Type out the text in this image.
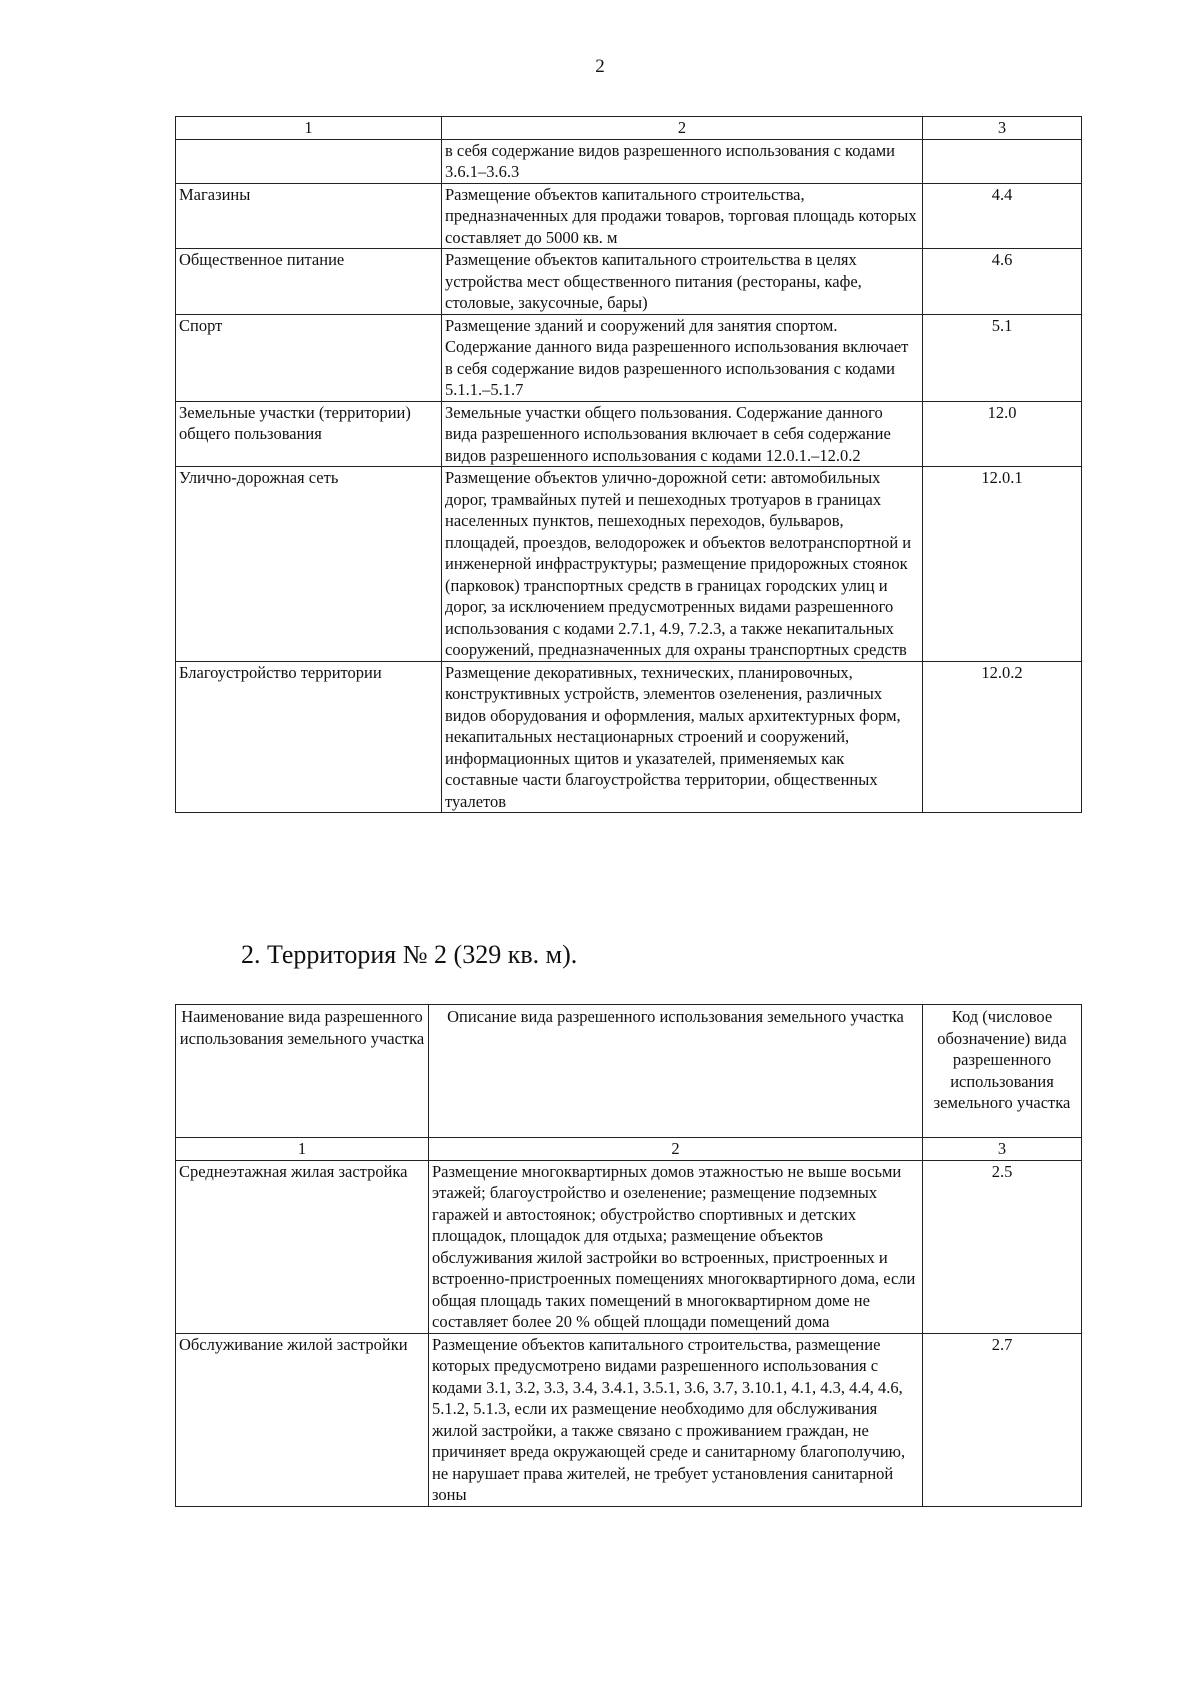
2
1	2	3
	в себя содержание видов разрешенного использования с кодами 3.6.1–3.6.3	
Магазины	Размещение объектов капитального строительства, предназначенных для продажи товаров, торговая площадь которых составляет до 5000 кв. м	4.4
Общественное питание	Размещение объектов капитального строительства в целях устройства мест общественного питания (рестораны, кафе, столовые, закусочные, бары)	4.6
Спорт	Размещение зданий и сооружений для занятия спортом. Содержание данного вида разрешенного использования включает в себя содержание видов разрешенного использования с кодами 5.1.1.–5.1.7	5.1
Земельные участки (территории) общего пользования	Земельные участки общего пользования. Содержание данного вида разрешенного использования включает в себя содержание видов разрешенного использования с кодами 12.0.1.–12.0.2	12.0
Улично-дорожная сеть	Размещение объектов улично-дорожной сети: автомобильных дорог, трамвайных путей и пешеходных тротуаров в границах населенных пунктов, пешеходных переходов, бульваров, площадей, проездов, велодорожек и объектов велотранспортной и инженерной инфраструктуры; размещение придорожных стоянок (парковок) транспортных средств в границах городских улиц и дорог, за исключением предусмотренных видами разрешенного использования с кодами 2.7.1, 4.9, 7.2.3, а также некапитальных сооружений, предназначенных для охраны транспортных средств	12.0.1
Благоустройство территории	Размещение декоративных, технических, планировочных, конструктивных устройств, элементов озеленения, различных видов оборудования и оформления, малых архитектурных форм, некапитальных нестационарных строений и сооружений, информационных щитов и указателей, применяемых как составные части благоустройства территории, общественных туалетов	12.0.2
2. Территория № 2 (329 кв. м).
Наименование вида разрешенного использования земельного участка	Описание вида разрешенного использования земельного участка	Код (числовое обозначение) вида разрешенного использования земельного участка
1	2	3
Среднеэтажная жилая застройка	Размещение многоквартирных домов этажностью не выше восьми этажей; благоустройство и озеленение; размещение подземных гаражей и автостоянок; обустройство спортивных и детских площадок, площадок для отдыха; размещение объектов обслуживания жилой застройки во встроенных, пристроенных и встроенно-пристроенных помещениях многоквартирного дома, если общая площадь таких помещений в многоквартирном доме не составляет более 20 % общей площади помещений дома	2.5
Обслуживание жилой застройки	Размещение объектов капитального строительства, размещение которых предусмотрено видами разрешенного использования с кодами 3.1, 3.2, 3.3, 3.4, 3.4.1, 3.5.1, 3.6, 3.7, 3.10.1, 4.1, 4.3, 4.4, 4.6, 5.1.2, 5.1.3, если их размещение необходимо для обслуживания жилой застройки, а также связано с проживанием граждан, не причиняет вреда окружающей среде и санитарному благополучию, не нарушает права жителей, не требует установления санитарной зоны	2.7
